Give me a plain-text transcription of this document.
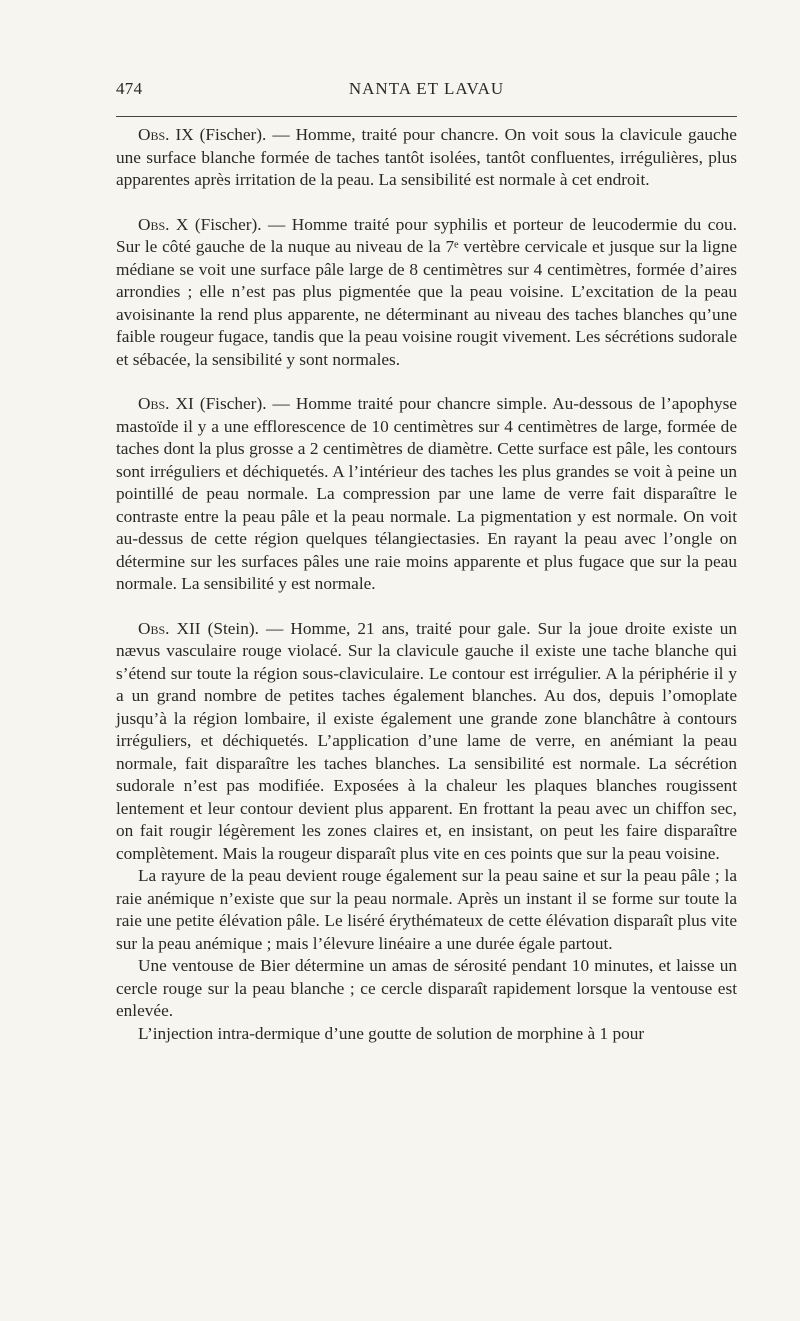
474	NANTA ET LAVAU

Obs. IX (Fischer). — Homme, traité pour chancre. On voit sous la clavicule gauche une surface blanche formée de taches tantôt isolées, tantôt confluentes, irrégulières, plus apparentes après irritation de la peau. La sensibilité est normale à cet endroit.

Obs. X (Fischer). — Homme traité pour syphilis et porteur de leucodermie du cou. Sur le côté gauche de la nuque au niveau de la 7ᵉ vertèbre cervicale et jusque sur la ligne médiane se voit une surface pâle large de 8 centimètres sur 4 centimètres, formée d’aires arrondies ; elle n’est pas plus pigmentée que la peau voisine. L’excitation de la peau avoisinante la rend plus apparente, ne déterminant au niveau des taches blanches qu’une faible rougeur fugace, tandis que la peau voisine rougit vivement. Les sécrétions sudorale et sébacée, la sensibilité y sont normales.

Obs. XI (Fischer). — Homme traité pour chancre simple. Au-dessous de l’apophyse mastoïde il y a une efflorescence de 10 centimètres sur 4 centimètres de large, formée de taches dont la plus grosse a 2 centimètres de diamètre. Cette surface est pâle, les contours sont irréguliers et déchiquetés. A l’intérieur des taches les plus grandes se voit à peine un pointillé de peau normale. La compression par une lame de verre fait disparaître le contraste entre la peau pâle et la peau normale. La pigmentation y est normale. On voit au-dessus de cette région quelques télangiectasies. En rayant la peau avec l’ongle on détermine sur les surfaces pâles une raie moins apparente et plus fugace que sur la peau normale. La sensibilité y est normale.

Obs. XII (Stein). — Homme, 21 ans, traité pour gale. Sur la joue droite existe un nævus vasculaire rouge violacé. Sur la clavicule gauche il existe une tache blanche qui s’étend sur toute la région sous-claviculaire. Le contour est irrégulier. A la périphérie il y a un grand nombre de petites taches également blanches. Au dos, depuis l’omoplate jusqu’à la région lombaire, il existe également une grande zone blanchâtre à contours irréguliers, et déchiquetés. L’application d’une lame de verre, en anémiant la peau normale, fait disparaître les taches blanches. La sensibilité est normale. La sécrétion sudorale n’est pas modifiée. Exposées à la chaleur les plaques blanches rougissent lentement et leur contour devient plus apparent. En frottant la peau avec un chiffon sec, on fait rougir légèrement les zones claires et, en insistant, on peut les faire disparaître complètement. Mais la rougeur disparaît plus vite en ces points que sur la peau voisine.

La rayure de la peau devient rouge également sur la peau saine et sur la peau pâle ; la raie anémique n’existe que sur la peau normale. Après un instant il se forme sur toute la raie une petite élévation pâle. Le liséré érythémateux de cette élévation disparaît plus vite sur la peau anémique ; mais l’élevure linéaire a une durée égale partout.

Une ventouse de Bier détermine un amas de sérosité pendant 10 minutes, et laisse un cercle rouge sur la peau blanche ; ce cercle disparaît rapidement lorsque la ventouse est enlevée.

L’injection intra-dermique d’une goutte de solution de morphine à 1 pour
